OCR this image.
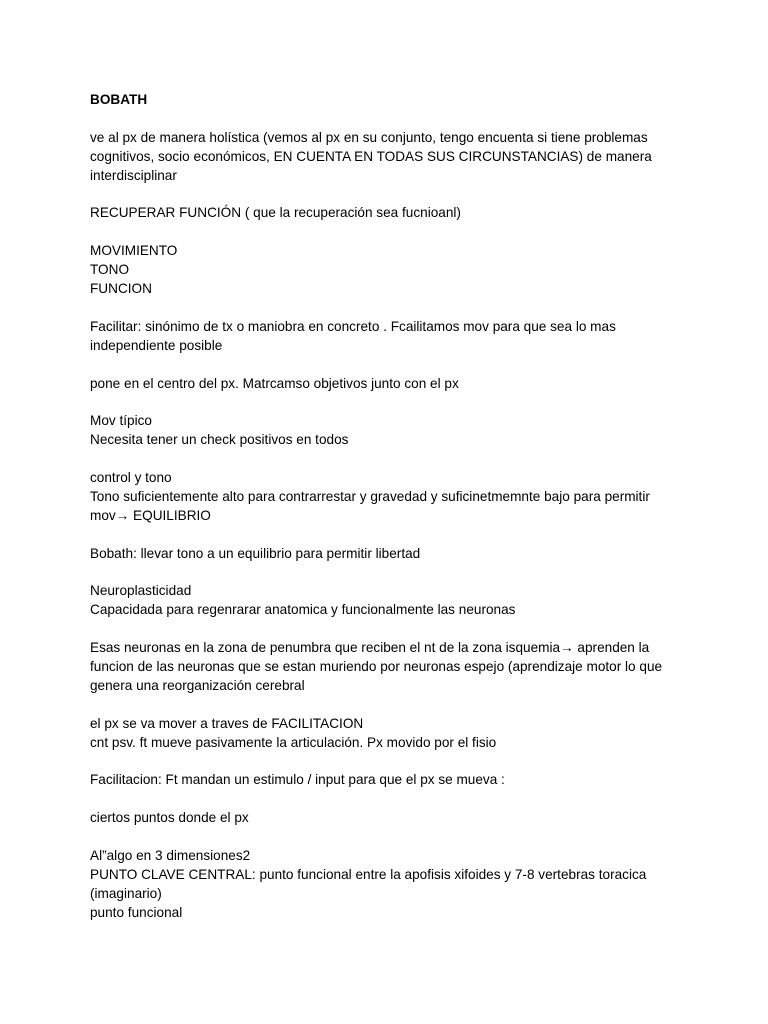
BOBATH
ve al px de manera holística (vemos al px en su conjunto, tengo encuenta si tiene problemas
cognitivos, socio económicos, EN CUENTA EN TODAS SUS CIRCUNSTANCIAS) de manera
interdisciplinar
RECUPERAR FUNCIÓN ( que la recuperación sea fucnioanl)
MOVIMIENTO
TONO
FUNCION
Facilitar: sinónimo de tx o maniobra en concreto . Fcailitamos mov para que sea lo mas
independiente posible
pone en el centro del px. Matrcamso objetivos junto con el px
Mov típico
Necesita tener un check positivos en todos
control y tono
Tono suficientemente alto para contrarrestar y gravedad y suficinetmemnte bajo para permitir
mov→ EQUILIBRIO
Bobath: llevar tono a un equilibrio para permitir libertad
Neuroplasticidad
Capacidada para regenrarar anatomica y funcionalmente las neuronas
Esas neuronas en la zona de penumbra que reciben el nt de la zona isquemia→ aprenden la
funcion de las neuronas que se estan muriendo por neuronas espejo (aprendizaje motor lo que
genera una reorganización cerebral
el px se va mover a traves de FACILITACION
cnt psv. ft mueve pasivamente la articulación. Px movido por el fisio
Facilitacion: Ft mandan un estimulo / input para que el px se mueva :
ciertos puntos donde el px
Al”algo en 3 dimensiones2
PUNTO CLAVE CENTRAL: punto funcional entre la apofisis xifoides y 7-8 vertebras toracica
(imaginario)
punto funcional
